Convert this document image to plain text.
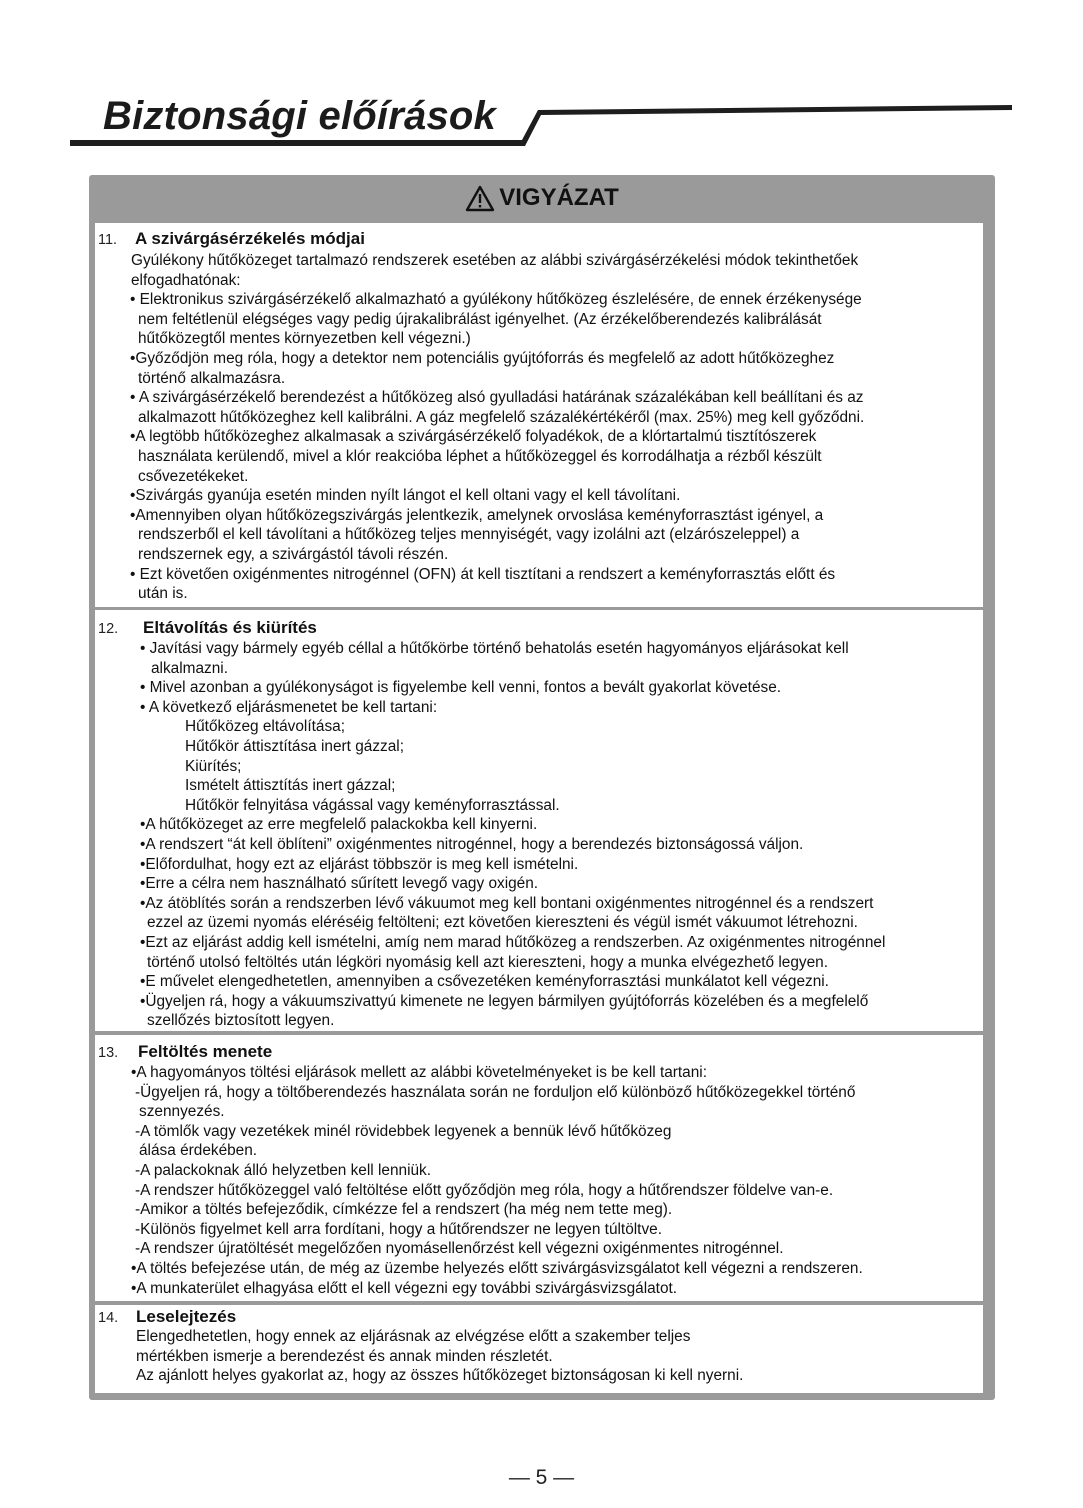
Biztonsági előírások
VIGYÁZAT
11.	A szivárgásérzékelés módjai
Gyúlékony hűtőközeget tartalmazó rendszerek esetében az alábbi szivárgásérzékelési módok tekinthetőek
elfogadhatónak:
• Elektronikus szivárgásérzékelő alkalmazható a gyúlékony hűtőközeg észlelésére, de ennek érzékenysége
nem feltétlenül elégséges vagy pedig újrakalibrálást igényelhet. (Az érzékelőberendezés kalibrálását
hűtőközegtől mentes környezetben kell végezni.)
•Győződjön meg róla, hogy a detektor nem potenciális gyújtóforrás és megfelelő az adott hűtőközeghez
történő alkalmazásra.
• A szivárgásérzékelő berendezést a hűtőközeg alsó gyulladási határának százalékában kell beállítani és az
alkalmazott hűtőközeghez kell kalibrálni. A gáz megfelelő százalékértékéről (max. 25%) meg kell győződni.
•A legtöbb hűtőközeghez alkalmasak a szivárgásérzékelő folyadékok, de a klórtartalmú tisztítószerek
használata kerülendő, mivel a klór reakcióba léphet a hűtőközeggel és korrodálhatja a rézből készült
csővezetékeket.
•Szivárgás gyanúja esetén minden nyílt lángot el kell oltani vagy el kell távolítani.
•Amennyiben olyan hűtőközegszivárgás jelentkezik, amelynek orvoslása keményforrasztást igényel, a
rendszerből el kell távolítani a hűtőközeg teljes mennyiségét, vagy izolálni azt (elzárószeleppel) a
rendszernek egy, a szivárgástól távoli részén.
• Ezt követően oxigénmentes nitrogénnel (OFN) át kell tisztítani a rendszert a keményforrasztás előtt és
után is.
12.	Eltávolítás és kiürítés
• Javítási vagy bármely egyéb céllal a hűtőkörbe történő behatolás esetén hagyományos eljárásokat kell
alkalmazni.
• Mivel azonban a gyúlékonyságot is figyelembe kell venni, fontos a bevált gyakorlat követése.
• A következő eljárásmenetet be kell tartani:
Hűtőközeg eltávolítása;
Hűtőkör áttisztítása inert gázzal;
Kiürítés;
Ismételt áttisztítás inert gázzal;
Hűtőkör felnyitása vágással vagy keményforrasztással.
•A hűtőközeget az erre megfelelő palackokba kell kinyerni.
•A rendszert “át kell öblíteni” oxigénmentes nitrogénnel, hogy a berendezés biztonságossá váljon.
•Előfordulhat, hogy ezt az eljárást többször is meg kell ismételni.
•Erre a célra nem használható sűrített levegő vagy oxigén.
•Az átöblítés során a rendszerben lévő vákuumot meg kell bontani oxigénmentes nitrogénnel és a rendszert
ezzel az üzemi nyomás eléréséig feltölteni; ezt követően kiereszteni és végül ismét vákuumot létrehozni.
•Ezt az eljárást addig kell ismételni, amíg nem marad hűtőközeg a rendszerben. Az oxigénmentes nitrogénnel
történő utolsó feltöltés után légköri nyomásig kell azt kiereszteni, hogy a munka elvégezhető legyen.
•E művelet elengedhetetlen, amennyiben a csővezetéken keményforrasztási munkálatot kell végezni.
•Ügyeljen rá, hogy a vákuumszivattyú kimenete ne legyen bármilyen gyújtóforrás közelében és a megfelelő
szellőzés biztosított legyen.
13.	Feltöltés menete
•A hagyományos töltési eljárások mellett az alábbi követelményeket is be kell tartani:
-Ügyeljen rá, hogy a töltőberendezés használata során ne forduljon elő különböző hűtőközegekkel történő
szennyezés.
-A tömlők vagy vezetékek minél rövidebbek legyenek a bennük lévő hűtőközeg
álása érdekében.
-A palackoknak álló helyzetben kell lenniük.
-A rendszer hűtőközeggel való feltöltése előtt győződjön meg róla, hogy a hűtőrendszer földelve van-e.
-Amikor a töltés befejeződik, címkézze fel a rendszert (ha még nem tette meg).
-Különös figyelmet kell arra fordítani, hogy a hűtőrendszer ne legyen túltöltve.
-A rendszer újratöltését megelőzően nyomásellenőrzést kell végezni oxigénmentes nitrogénnel.
•A töltés befejezése után, de még az üzembe helyezés előtt szivárgásvizsgálatot kell végezni a rendszeren.
•A munkaterület elhagyása előtt el kell végezni egy további szivárgásvizsgálatot.
14.	Leselejtezés
Elengedhetetlen, hogy ennek az eljárásnak az elvégzése előtt a szakember teljes
mértékben ismerje a berendezést és annak minden részletét.
Az ajánlott helyes gyakorlat az, hogy az összes hűtőközeget biztonságosan ki kell nyerni.
— 5 —
